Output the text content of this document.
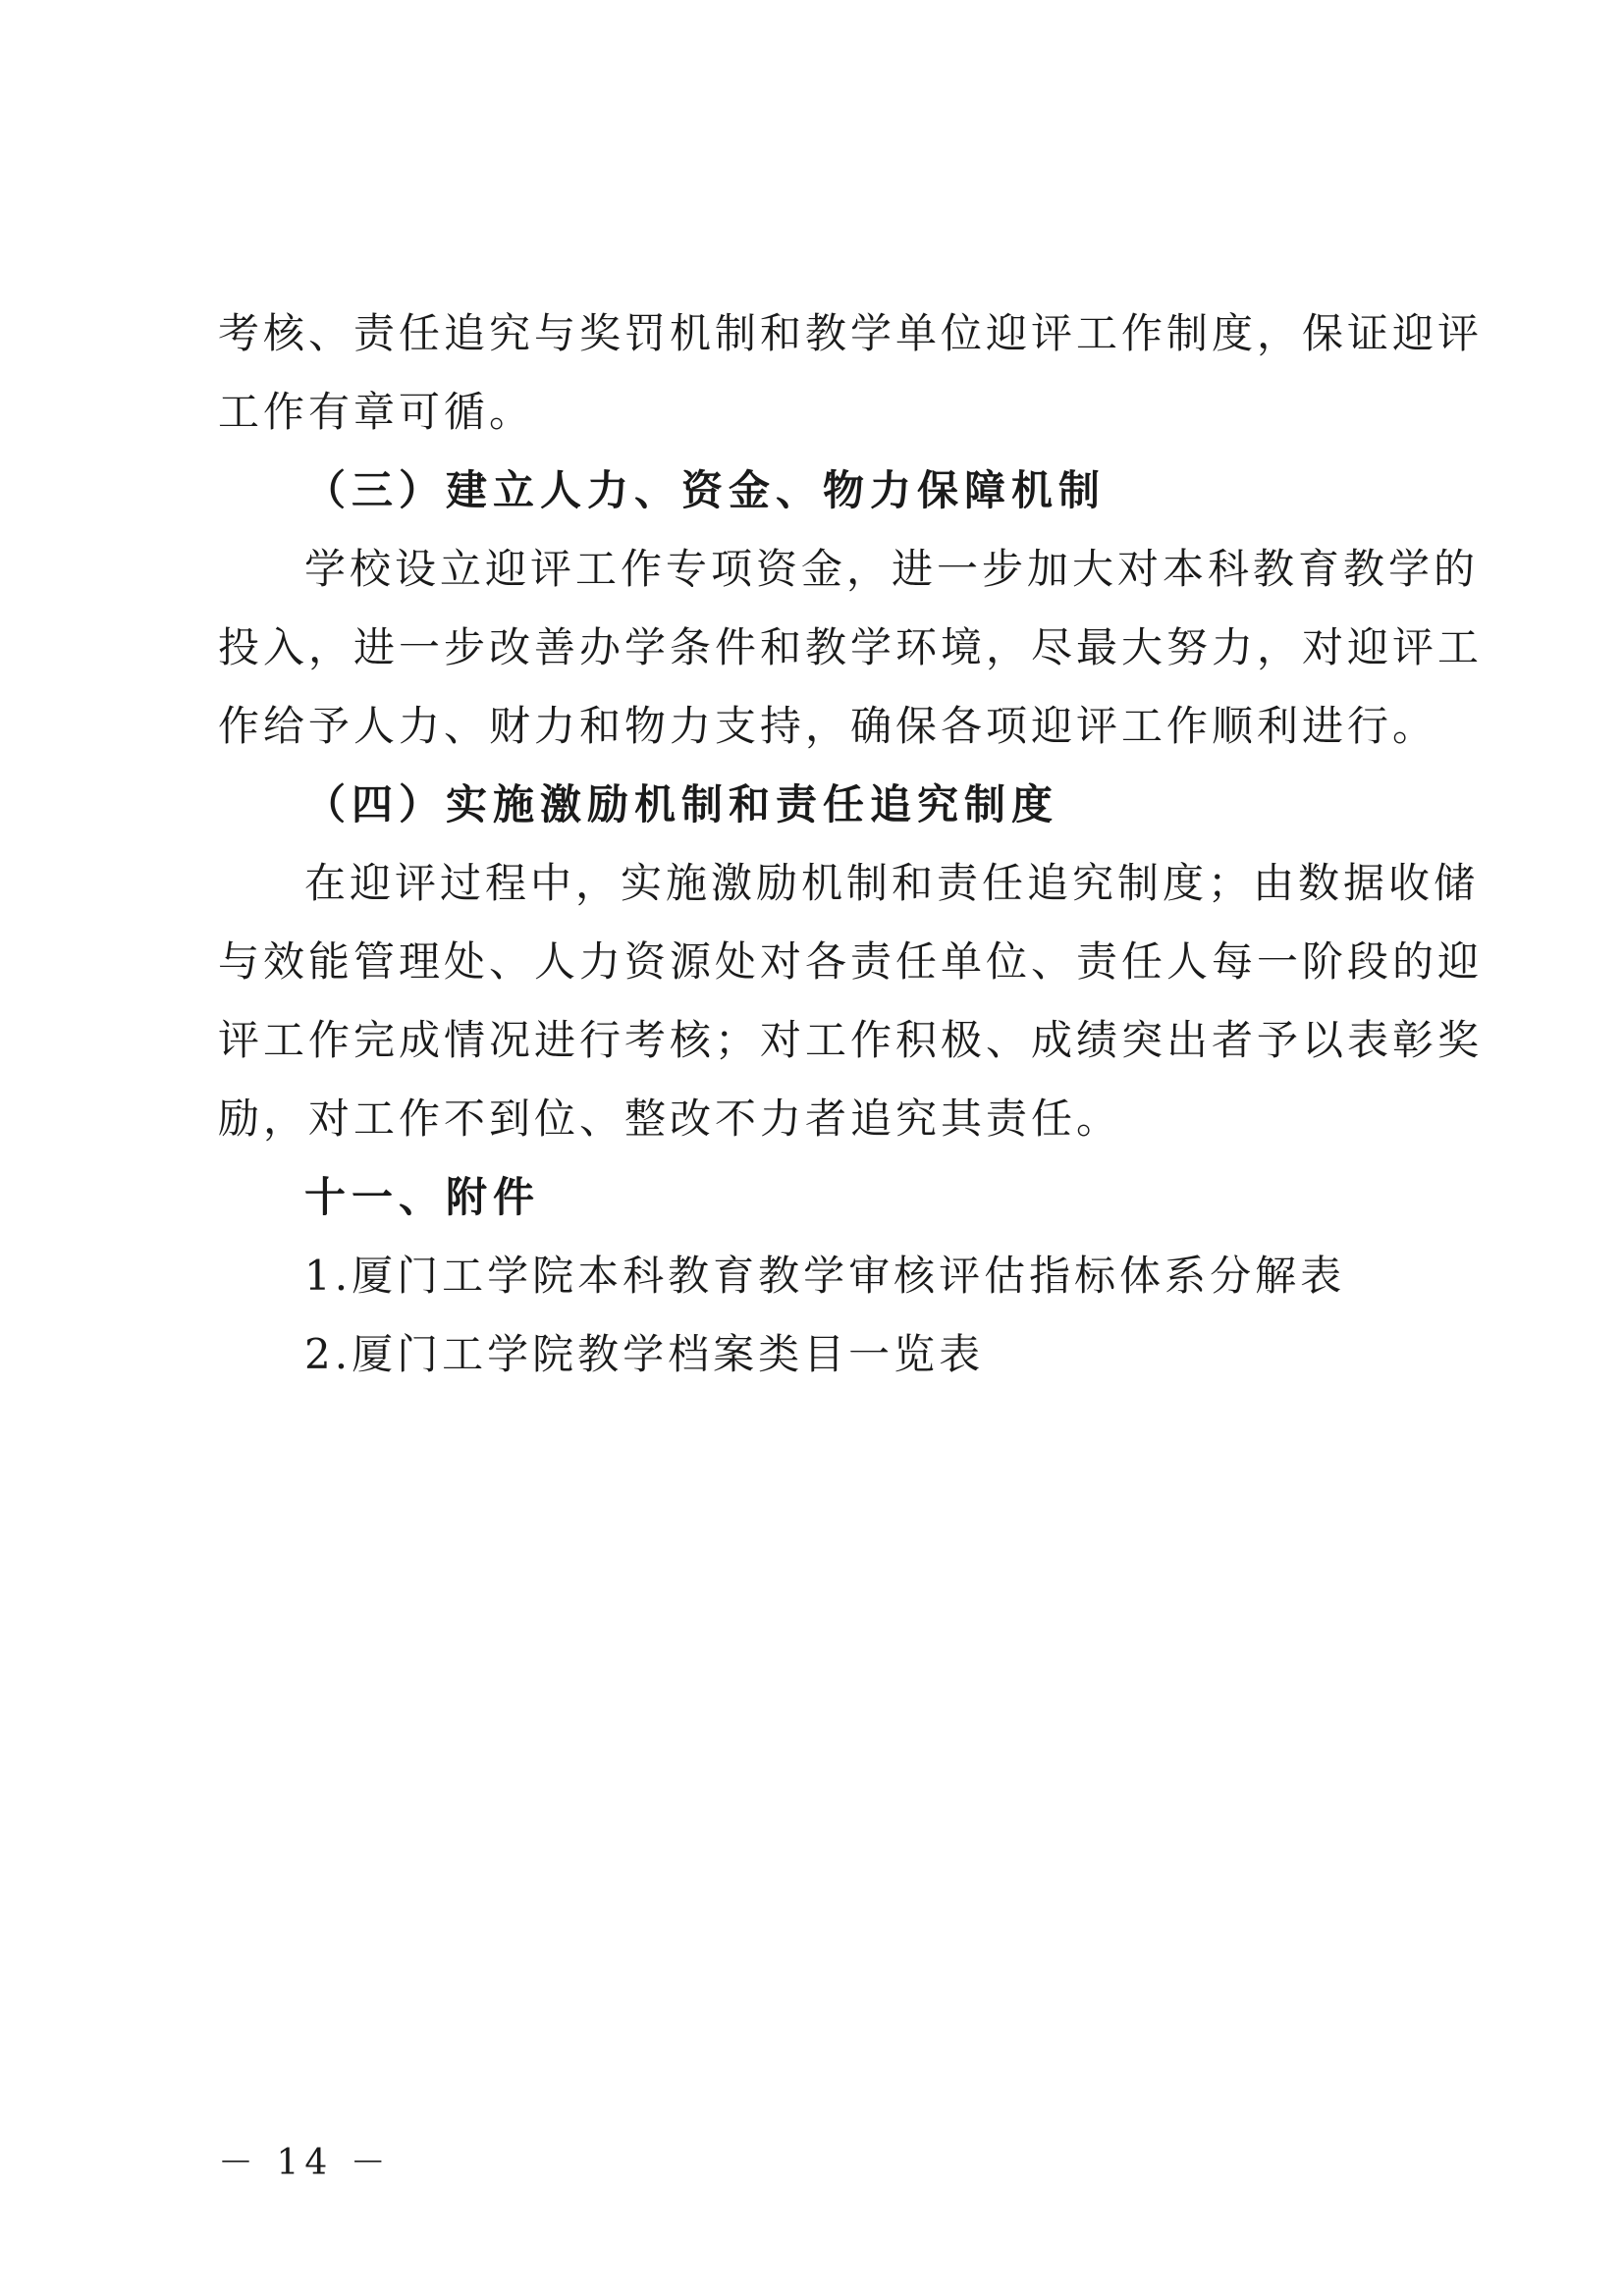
考核、责任追究与奖罚机制和教学单位迎评工作制度，保证迎评
工作有章可循。
（三）建立人力、资金、物力保障机制
学校设立迎评工作专项资金，进一步加大对本科教育教学的
投入，进一步改善办学条件和教学环境，尽最大努力，对迎评工
作给予人力、财力和物力支持，确保各项迎评工作顺利进行。
（四）实施激励机制和责任追究制度
在迎评过程中，实施激励机制和责任追究制度；由数据收储
与效能管理处、人力资源处对各责任单位、责任人每一阶段的迎
评工作完成情况进行考核；对工作积极、成绩突出者予以表彰奖
励，对工作不到位、整改不力者追究其责任。
十一、附件
1.厦门工学院本科教育教学审核评估指标体系分解表
2.厦门工学院教学档案类目一览表
－ 14 －
